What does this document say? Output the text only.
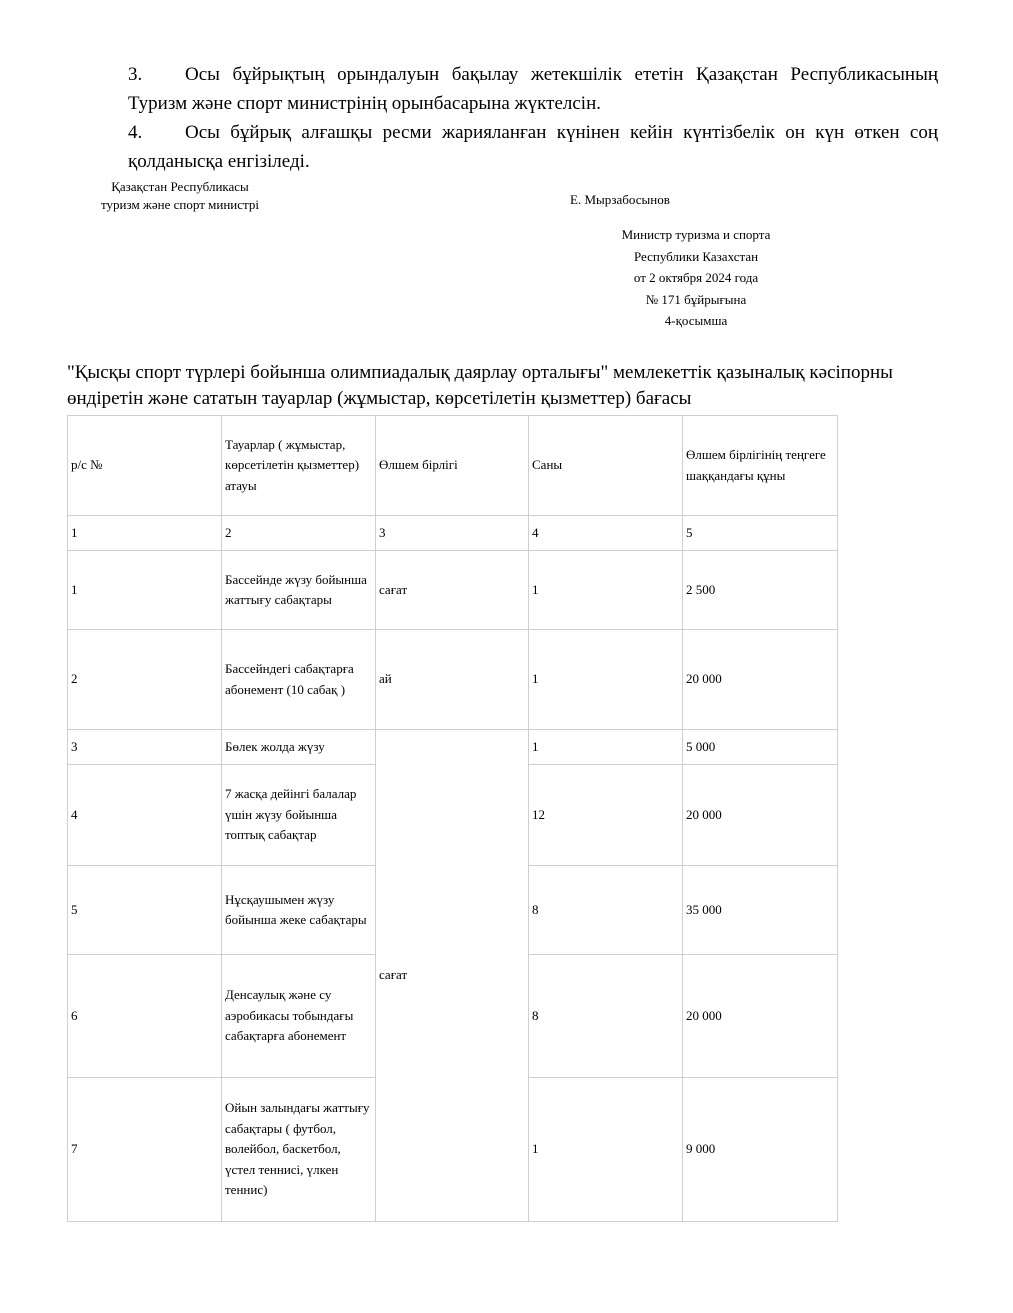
3. Осы бұйрықтың орындалуын бақылау жетекшілік ететін Қазақстан Республикасының Туризм және спорт министрінің орынбасарына жүктелсін.
4. Осы бұйрық алғашқы ресми жарияланған күнінен кейін күнтізбелік он күн өткен соң қолданысқа енгізіледі.
Қазақстан Республикасы
туризм және спорт министрі	Е. Мырзабосынов
Министр туризма и спорта
Республики Казахстан
от 2 октября 2024 года
№ 171 бұйрығына
4-қосымша
"Қысқы спорт түрлері бойынша олимпиадалық даярлау орталығы" мемлекеттік қазыналық кәсіпорны өндіретін және сататын тауарлар (жұмыстар, көрсетілетін қызметтер) бағасы
р/с №	Тауарлар ( жұмыстар, көрсетілетін қызметтер) атауы	Өлшем бірлігі	Саны	Өлшем бірлігінің теңгеге шаққандағы құны
1	2	3	4	5
1	Бассейнде жүзу бойынша жаттығу сабақтары	сағат	1	2 500
2	Бассейндегі сабақтарға абонемент (10 сабақ )	ай	1	20 000
3	Бөлек жолда жүзу	сағат	1	5 000
4	7 жасқа дейінгі балалар үшін жүзу бойынша топтық сабақтар		12	20 000
5	Нұсқаушымен жүзу бойынша жеке сабақтары		8	35 000
6	Денсаулық және су аэробикасы тобындағы сабақтарға абонемент		8	20 000
7	Ойын залындағы жаттығу сабақтары ( футбол, волейбол, баскетбол, үстел теннисі, үлкен теннис)		1	9 000
